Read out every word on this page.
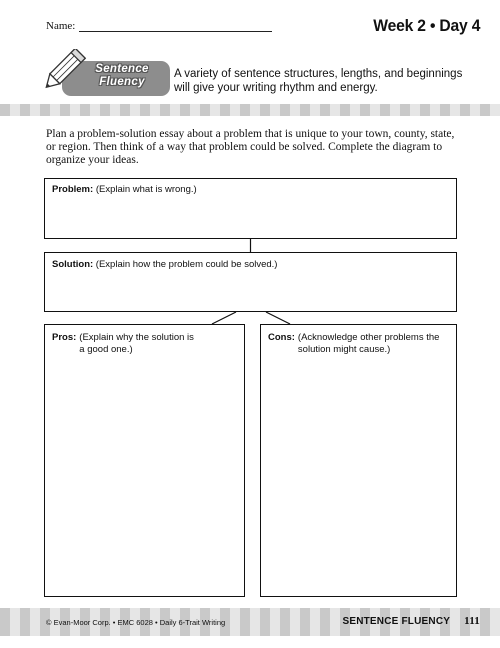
Name:	Week 2 • Day 4
Sentence
Fluency
A variety of sentence structures, lengths, and beginnings will give your writing rhythm and energy.
Plan a problem-solution essay about a problem that is unique to your town, county, state, or region. Then think of a way that problem could be solved. Complete the diagram to organize your ideas.
Problem: (Explain what is wrong.)
Solution: (Explain how the problem could be solved.)
Pros: (Explain why the solution is a good one.)
Cons: (Acknowledge other problems the solution might cause.)
© Evan-Moor Corp. • EMC 6028 • Daily 6-Trait Writing	SENTENCE FLUENCY 111
